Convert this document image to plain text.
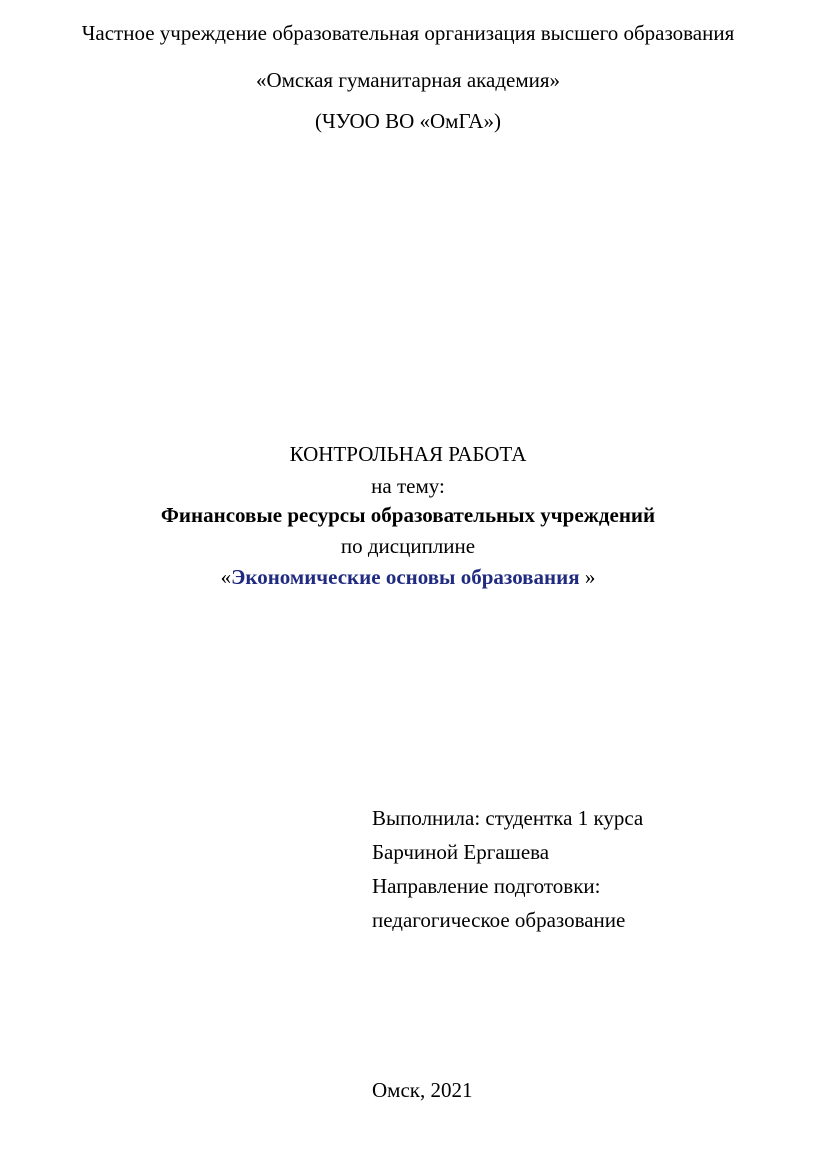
Частное учреждение образовательная организация высшего образования
«Омская гуманитарная академия»
(ЧУОО ВО «ОмГА»)
КОНТРОЛЬНАЯ РАБОТА
на тему:
Финансовые ресурсы образовательных учреждений
по дисциплине
«Экономические основы образования »
Выполнила: студентка 1 курса
Барчиной Ергашева
Направление подготовки:
педагогическое образование
Омск, 2021
